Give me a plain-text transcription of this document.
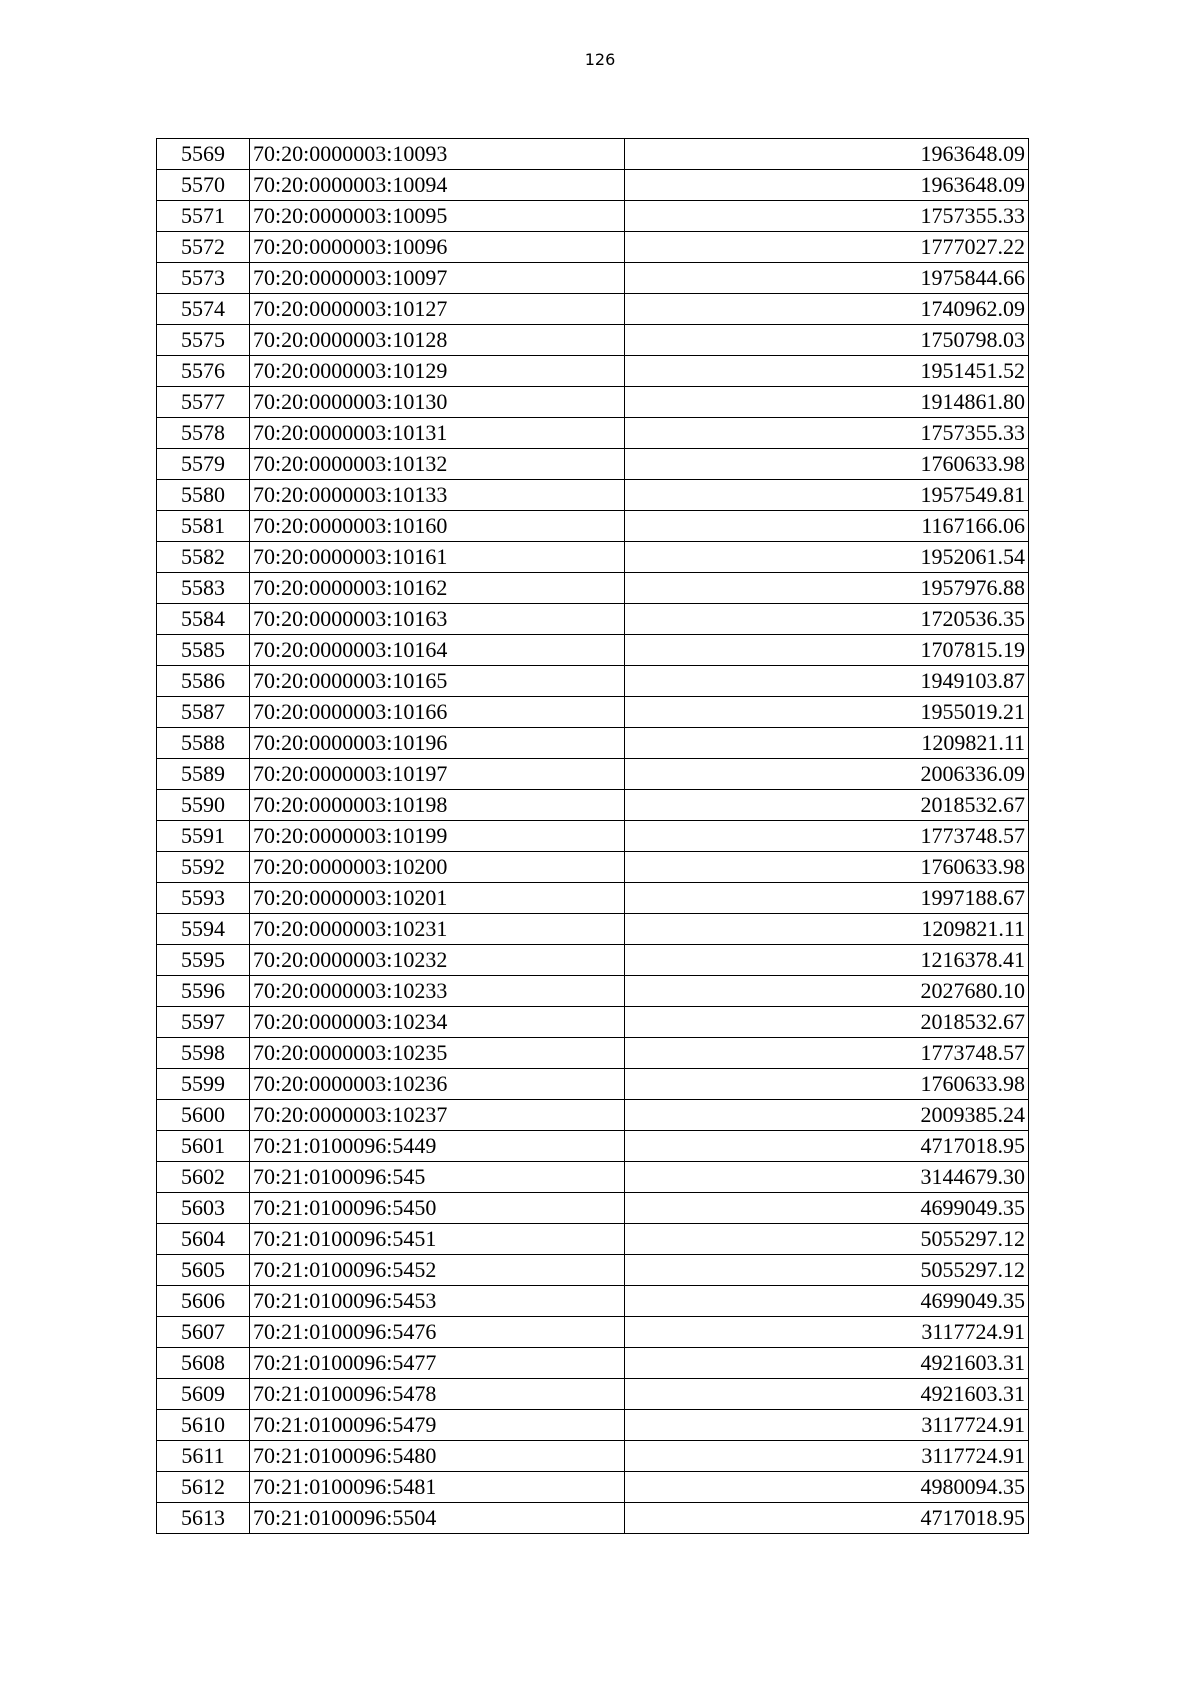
126
5569	70:20:0000003:10093	1963648.09
5570	70:20:0000003:10094	1963648.09
5571	70:20:0000003:10095	1757355.33
5572	70:20:0000003:10096	1777027.22
5573	70:20:0000003:10097	1975844.66
5574	70:20:0000003:10127	1740962.09
5575	70:20:0000003:10128	1750798.03
5576	70:20:0000003:10129	1951451.52
5577	70:20:0000003:10130	1914861.80
5578	70:20:0000003:10131	1757355.33
5579	70:20:0000003:10132	1760633.98
5580	70:20:0000003:10133	1957549.81
5581	70:20:0000003:10160	1167166.06
5582	70:20:0000003:10161	1952061.54
5583	70:20:0000003:10162	1957976.88
5584	70:20:0000003:10163	1720536.35
5585	70:20:0000003:10164	1707815.19
5586	70:20:0000003:10165	1949103.87
5587	70:20:0000003:10166	1955019.21
5588	70:20:0000003:10196	1209821.11
5589	70:20:0000003:10197	2006336.09
5590	70:20:0000003:10198	2018532.67
5591	70:20:0000003:10199	1773748.57
5592	70:20:0000003:10200	1760633.98
5593	70:20:0000003:10201	1997188.67
5594	70:20:0000003:10231	1209821.11
5595	70:20:0000003:10232	1216378.41
5596	70:20:0000003:10233	2027680.10
5597	70:20:0000003:10234	2018532.67
5598	70:20:0000003:10235	1773748.57
5599	70:20:0000003:10236	1760633.98
5600	70:20:0000003:10237	2009385.24
5601	70:21:0100096:5449	4717018.95
5602	70:21:0100096:545	3144679.30
5603	70:21:0100096:5450	4699049.35
5604	70:21:0100096:5451	5055297.12
5605	70:21:0100096:5452	5055297.12
5606	70:21:0100096:5453	4699049.35
5607	70:21:0100096:5476	3117724.91
5608	70:21:0100096:5477	4921603.31
5609	70:21:0100096:5478	4921603.31
5610	70:21:0100096:5479	3117724.91
5611	70:21:0100096:5480	3117724.91
5612	70:21:0100096:5481	4980094.35
5613	70:21:0100096:5504	4717018.95
